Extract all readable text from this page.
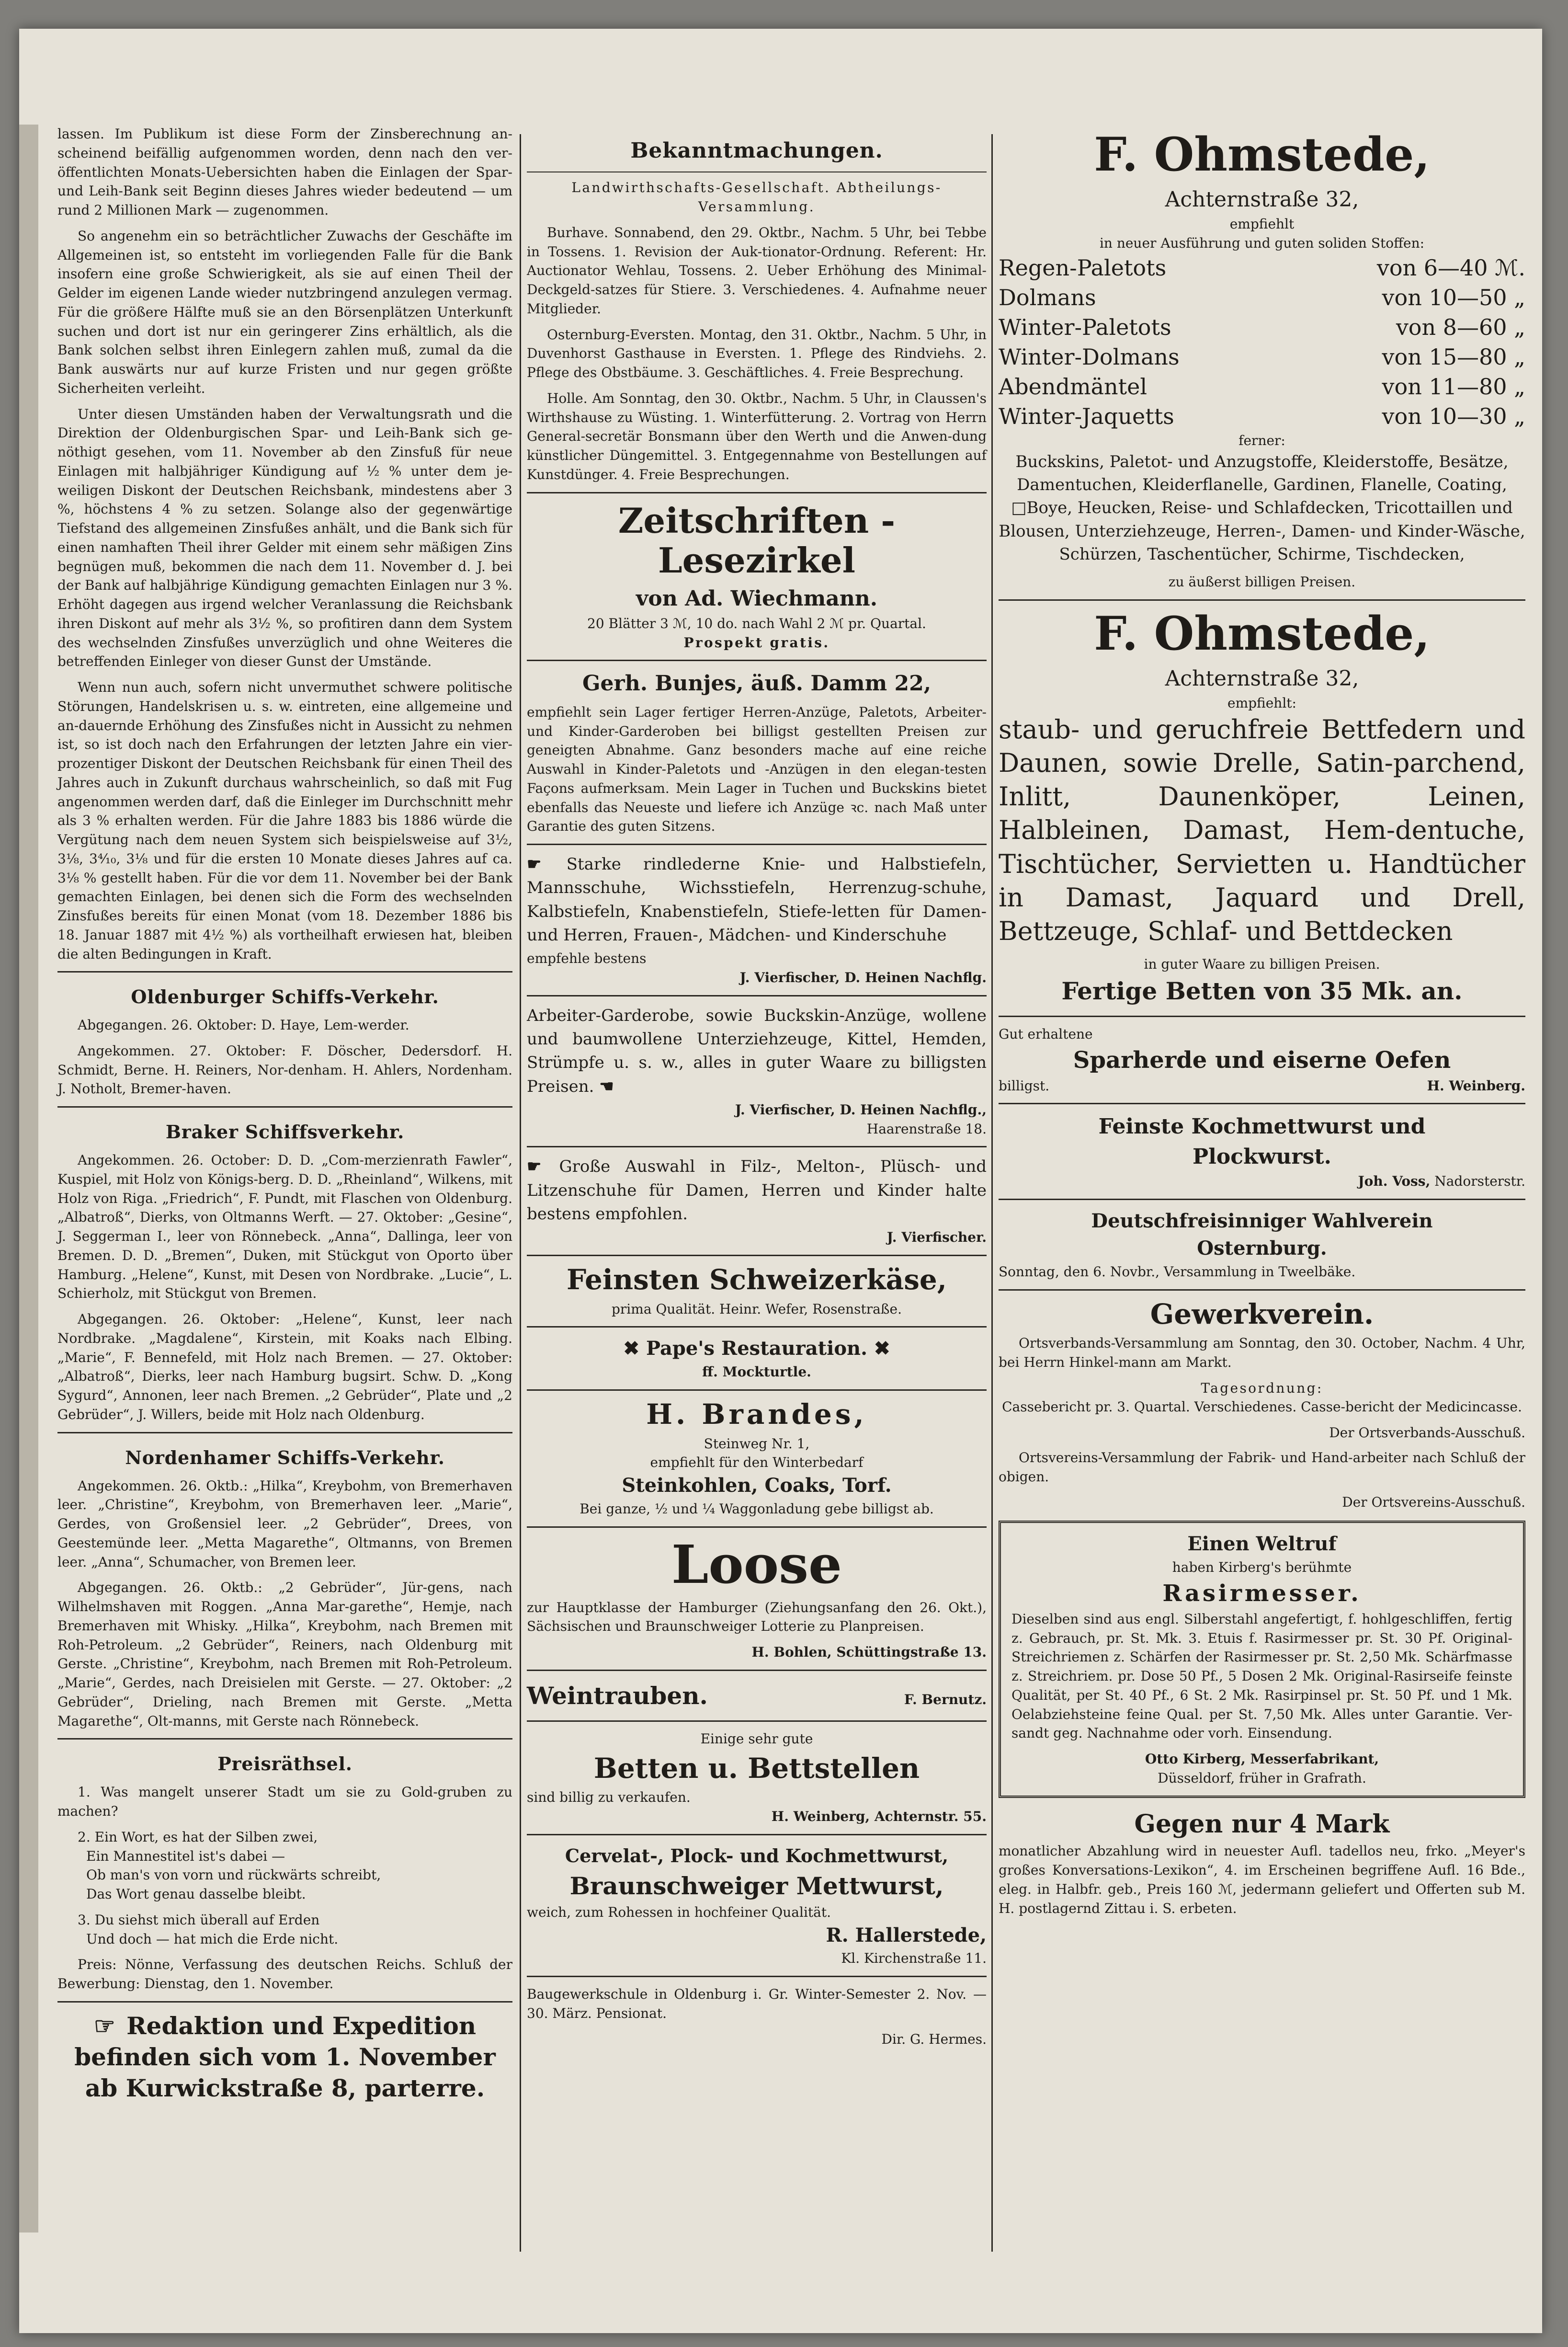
lassen. Im Publikum ist diese Form der Zinsberechnung an-scheinend beifällig aufgenommen worden, denn nach den ver-öffentlichten Monats-Uebersichten haben die Einlagen der Spar- und Leih-Bank seit Beginn dieses Jahres wieder bedeutend — um rund 2 Millionen Mark — zugenommen.

So angenehm ein so beträchtlicher Zuwachs der Geschäfte im Allgemeinen ist, so entsteht im vorliegenden Falle für die Bank insofern eine große Schwierigkeit, als sie auf einen Theil der Gelder im eigenen Lande wieder nutzbringend anzulegen vermag. Für die größere Hälfte muß sie an den Börsenplätzen Unterkunft suchen und dort ist nur ein geringerer Zins erhältlich, als die Bank solchen selbst ihren Einlegern zahlen muß, zumal da die Bank auswärts nur auf kurze Fristen und nur gegen größte Sicherheiten verleiht.

Unter diesen Umständen haben der Verwaltungsrath und die Direktion der Oldenburgischen Spar- und Leih-Bank sich ge-nöthigt gesehen, vom 11. November ab den Zinsfuß für neue Einlagen mit halbjähriger Kündigung auf ½ % unter dem je-weiligen Diskont der Deutschen Reichsbank, mindestens aber 3 %, höchstens 4 % zu setzen. Solange also der gegenwärtige Tiefstand des allgemeinen Zinsfußes anhält, und die Bank sich für einen namhaften Theil ihrer Gelder mit einem sehr mäßigen Zins begnügen muß, bekommen die nach dem 11. November d. J. bei der Bank auf halbjährige Kündigung gemachten Einlagen nur 3 %. Erhöht dagegen aus irgend welcher Veranlassung die Reichsbank ihren Diskont auf mehr als 3½ %, so profitiren dann dem System des wechselnden Zinsfußes unverzüglich und ohne Weiteres die betreffenden Einleger von dieser Gunst der Umstände.

Wenn nun auch, sofern nicht unvermuthet schwere politische Störungen, Handelskrisen u. s. w. eintreten, eine allgemeine und an-dauernde Erhöhung des Zinsfußes nicht in Aussicht zu nehmen ist, so ist doch nach den Erfahrungen der letzten Jahre ein vier-prozentiger Diskont der Deutschen Reichsbank für einen Theil des Jahres auch in Zukunft durchaus wahrscheinlich, so daß mit Fug angenommen werden darf, daß die Einleger im Durchschnitt mehr als 3 % erhalten werden. Für die Jahre 1883 bis 1886 würde die Vergütung nach dem neuen System sich beispielsweise auf 3½, 3⅛, 3⁴⁄₁₀, 3⅛ und für die ersten 10 Monate dieses Jahres auf ca. 3⅛ % gestellt haben. Für die vor dem 11. November bei der Bank gemachten Einlagen, bei denen sich die Form des wechselnden Zinsfußes bereits für einen Monat (vom 18. Dezember 1886 bis 18. Januar 1887 mit 4½ %) als vortheilhaft erwiesen hat, bleiben die alten Bedingungen in Kraft.

Oldenburger Schiffs-Verkehr.

Abgegangen. 26. Oktober: D. Haye, Lem-werder.

Angekommen. 27. Oktober: F. Döscher, Dedersdorf. H. Schmidt, Berne. H. Reiners, Nor-denham. H. Ahlers, Nordenham. J. Notholt, Bremer-haven.

Braker Schiffsverkehr.

Angekommen. 26. October: D. D. „Com-merzienrath Fawler“, Kuspiel, mit Holz von Königs-berg. D. D. „Rheinland“, Wilkens, mit Holz von Riga. „Friedrich“, F. Pundt, mit Flaschen von Oldenburg. „Albatroß“, Dierks, von Oltmanns Werft. — 27. Oktober: „Gesine“, J. Seggerman I., leer von Rönnebeck. „Anna“, Dallinga, leer von Bremen. D. D. „Bremen“, Duken, mit Stückgut von Oporto über Hamburg. „Helene“, Kunst, mit Desen von Nordbrake. „Lucie“, L. Schierholz, mit Stückgut von Bremen.

Abgegangen. 26. Oktober: „Helene“, Kunst, leer nach Nordbrake. „Magdalene“, Kirstein, mit Koaks nach Elbing. „Marie“, F. Bennefeld, mit Holz nach Bremen. — 27. Oktober: „Albatroß“, Dierks, leer nach Hamburg bugsirt. Schw. D. „Kong Sygurd“, Annonen, leer nach Bremen. „2 Gebrüder“, Plate und „2 Gebrüder“, J. Willers, beide mit Holz nach Oldenburg.

Nordenhamer Schiffs-Verkehr.

Angekommen. 26. Oktb.: „Hilka“, Kreybohm, von Bremerhaven leer. „Christine“, Kreybohm, von Bremerhaven leer. „Marie“, Gerdes, von Großensiel leer. „2 Gebrüder“, Drees, von Geestemünde leer. „Metta Magarethe“, Oltmanns, von Bremen leer. „Anna“, Schumacher, von Bremen leer.

Abgegangen. 26. Oktb.: „2 Gebrüder“, Jür-gens, nach Wilhelmshaven mit Roggen. „Anna Mar-garethe“, Hemje, nach Bremerhaven mit Whisky. „Hilka“, Kreybohm, nach Bremen mit Roh-Petroleum. „2 Gebrüder“, Reiners, nach Oldenburg mit Gerste. „Christine“, Kreybohm, nach Bremen mit Roh-Petroleum. „Marie“, Gerdes, nach Dreisielen mit Gerste. — 27. Oktober: „2 Gebrüder“, Drieling, nach Bremen mit Gerste. „Metta Magarethe“, Olt-manns, mit Gerste nach Rönnebeck.

Preisräthsel.

1. Was mangelt unserer Stadt um sie zu Gold-gruben zu machen?

2. Ein Wort, es hat der Silben zwei,
Ein Mannestitel ist's dabei —
Ob man's von vorn und rückwärts schreibt,
Das Wort genau dasselbe bleibt.
3. Du siehst mich überall auf Erden
Und doch — hat mich die Erde nicht.

Preis: Nönne, Verfassung des deutschen Reichs. Schluß der Bewerbung: Dienstag, den 1. November.

☞ Redaktion und Expedition befinden sich vom 1. November ab Kurwickstraße 8, parterre.
Bekanntmachungen.

Landwirthschafts-Gesellschaft. Abtheilungs-Versammlung.

Burhave. Sonnabend, den 29. Oktbr., Nachm. 5 Uhr, bei Tebbe in Tossens. 1. Revision der Auk-tionator-Ordnung. Referent: Hr. Auctionator Wehlau, Tossens. 2. Ueber Erhöhung des Minimal-Deckgeld-satzes für Stiere. 3. Verschiedenes. 4. Aufnahme neuer Mitglieder.

Osternburg-Eversten. Montag, den 31. Oktbr., Nachm. 5 Uhr, in Duvenhorst Gasthause in Eversten. 1. Pflege des Rindviehs. 2. Pflege des Obstbäume. 3. Geschäftliches. 4. Freie Besprechung.

Holle. Am Sonntag, den 30. Oktbr., Nachm. 5 Uhr, in Claussen's Wirthshause zu Wüsting. 1. Winterfütterung. 2. Vortrag von Herrn General-secretär Bonsmann über den Werth und die Anwen-dung künstlicher Düngemittel. 3. Entgegennahme von Bestellungen auf Kunstdünger. 4. Freie Besprechungen.

Zeitschriften - Lesezirkel
von Ad. Wiechmann.
20 Blätter 3 ℳ, 10 do. nach Wahl 2 ℳ pr. Quartal.
Prospekt gratis.
Gerh. Bunjes, äuß. Damm 22,

empfiehlt sein Lager fertiger Herren-Anzüge, Paletots, Arbeiter- und Kinder-Garderoben bei billigst gestellten Preisen zur geneigten Abnahme. Ganz besonders mache auf eine reiche Auswahl in Kinder-Paletots und -Anzügen in den elegan-testen Façons aufmerksam. Mein Lager in Tuchen und Buckskins bietet ebenfalls das Neueste und liefere ich Anzüge ꝛc. nach Maß unter Garantie des guten Sitzens.

☛ Starke rindlederne Knie- und Halbstiefeln, Mannsschuhe, Wichsstiefeln, Herrenzug-schuhe, Kalbstiefeln, Knabenstiefeln, Stiefe-letten für Damen- und Herren, Frauen-, Mädchen- und Kinderschuhe

empfehle bestens
J. Vierfischer, D. Heinen Nachflg.

Arbeiter-Garderobe, sowie Buckskin-Anzüge, wollene und baumwollene Unterziehzeuge, Kittel, Hemden, Strümpfe u. s. w., alles in guter Waare zu billigsten Preisen. ☚

J. Vierfischer, D. Heinen Nachflg.,
Haarenstraße 18.

☛ Große Auswahl in Filz-, Melton-, Plüsch- und Litzenschuhe für Damen, Herren und Kinder halte bestens empfohlen.

J. Vierfischer.
Feinsten Schweizerkäse,
prima Qualität. Heinr. Wefer, Rosenstraße.
✖ Pape's Restauration. ✖
ff. Mockturtle.
H. Brandes,
Steinweg Nr. 1,
empfiehlt für den Winterbedarf
Steinkohlen, Coaks, Torf.
Bei ganze, ½ und ¼ Waggonladung gebe billigst ab.
Loose

zur Hauptklasse der Hamburger (Ziehungsanfang den 26. Okt.), Sächsischen und Braunschweiger Lotterie zu Planpreisen.

H. Bohlen, Schüttingstraße 13.
Weintrauben.	F. Bernutz.
Einige sehr gute
Betten u. Bettstellen
sind billig zu verkaufen.
H. Weinberg, Achternstr. 55.
Cervelat-, Plock- und Kochmettwurst,
Braunschweiger Mettwurst,
weich, zum Rohessen in hochfeiner Qualität.
R. Hallerstede,
Kl. Kirchenstraße 11.

Baugewerkschule in Oldenburg i. Gr. Winter-Semester 2. Nov. — 30. März. Pensionat.

Dir. G. Hermes.
F. Ohmstede,
Achternstraße 32,
empfiehlt
in neuer Ausführung und guten soliden Stoffen:
Regen-Paletots	von 6—40 ℳ.
Dolmans	von 10—50 „
Winter-Paletots	von 8—60 „
Winter-Dolmans	von 15—80 „
Abendmäntel	von 11—80 „
Winter-Jaquetts	von 10—30 „
ferner:

Buckskins, Paletot- und Anzugstoffe, Kleiderstoffe, Besätze, Damentuchen, Kleiderflanelle, Gardinen, Flanelle, Coating, □Boye, Heucken, Reise- und Schlafdecken, Tricottaillen und Blousen, Unterziehzeuge, Herren-, Damen- und Kinder-Wäsche, Schürzen, Taschentücher, Schirme, Tischdecken,

zu äußerst billigen Preisen.
F. Ohmstede,
Achternstraße 32,
empfiehlt:

staub- und geruchfreie Bettfedern und Daunen, sowie Drelle, Satin-parchend, Inlitt, Daunenköper, Leinen, Halbleinen, Damast, Hem-dentuche, Tischtücher, Servietten u. Handtücher in Damast, Jaquard und Drell, Bettzeuge, Schlaf- und Bettdecken

in guter Waare zu billigen Preisen.
Fertige Betten von 35 Mk. an.
Gut erhaltene
Sparherde und eiserne Oefen
billigst.	H. Weinberg.
Feinste Kochmettwurst und
Plockwurst.
Joh. Voss, Nadorsterstr.
Deutschfreisinniger Wahlverein
Osternburg.
Sonntag, den 6. Novbr., Versammlung in Tweelbäke.
Gewerkverein.

Ortsverbands-Versammlung am Sonntag, den 30. October, Nachm. 4 Uhr, bei Herrn Hinkel-mann am Markt.

Tagesordnung:

Cassebericht pr. 3. Quartal. Verschiedenes. Casse-bericht der Medicincasse.

Der Ortsverbands-Ausschuß.

Ortsvereins-Versammlung der Fabrik- und Hand-arbeiter nach Schluß der obigen.

Der Ortsvereins-Ausschuß.
Einen Weltruf
haben Kirberg's berühmte
Rasirmesser.

Dieselben sind aus engl. Silberstahl angefertigt, f. hohlgeschliffen, fertig z. Gebrauch, pr. St. Mk. 3. Etuis f. Rasirmesser pr. St. 30 Pf. Original-Streichriemen z. Schärfen der Rasirmesser pr. St. 2,50 Mk. Schärfmasse z. Streichriem. pr. Dose 50 Pf., 5 Dosen 2 Mk. Original-Rasirseife feinste Qualität, per St. 40 Pf., 6 St. 2 Mk. Rasirpinsel pr. St. 50 Pf. und 1 Mk. Oelabziehsteine feine Qual. per St. 7,50 Mk. Alles unter Garantie. Ver-sandt geg. Nachnahme oder vorh. Einsendung.

Otto Kirberg, Messerfabrikant,
Düsseldorf, früher in Grafrath.
Gegen nur 4 Mark

monatlicher Abzahlung wird in neuester Aufl. tadellos neu, frko. „Meyer's großes Konversations-Lexikon“, 4. im Erscheinen begriffene Aufl. 16 Bde., eleg. in Halbfr. geb., Preis 160 ℳ, jedermann geliefert und Offerten sub M. H. postlagernd Zittau i. S. erbeten.
